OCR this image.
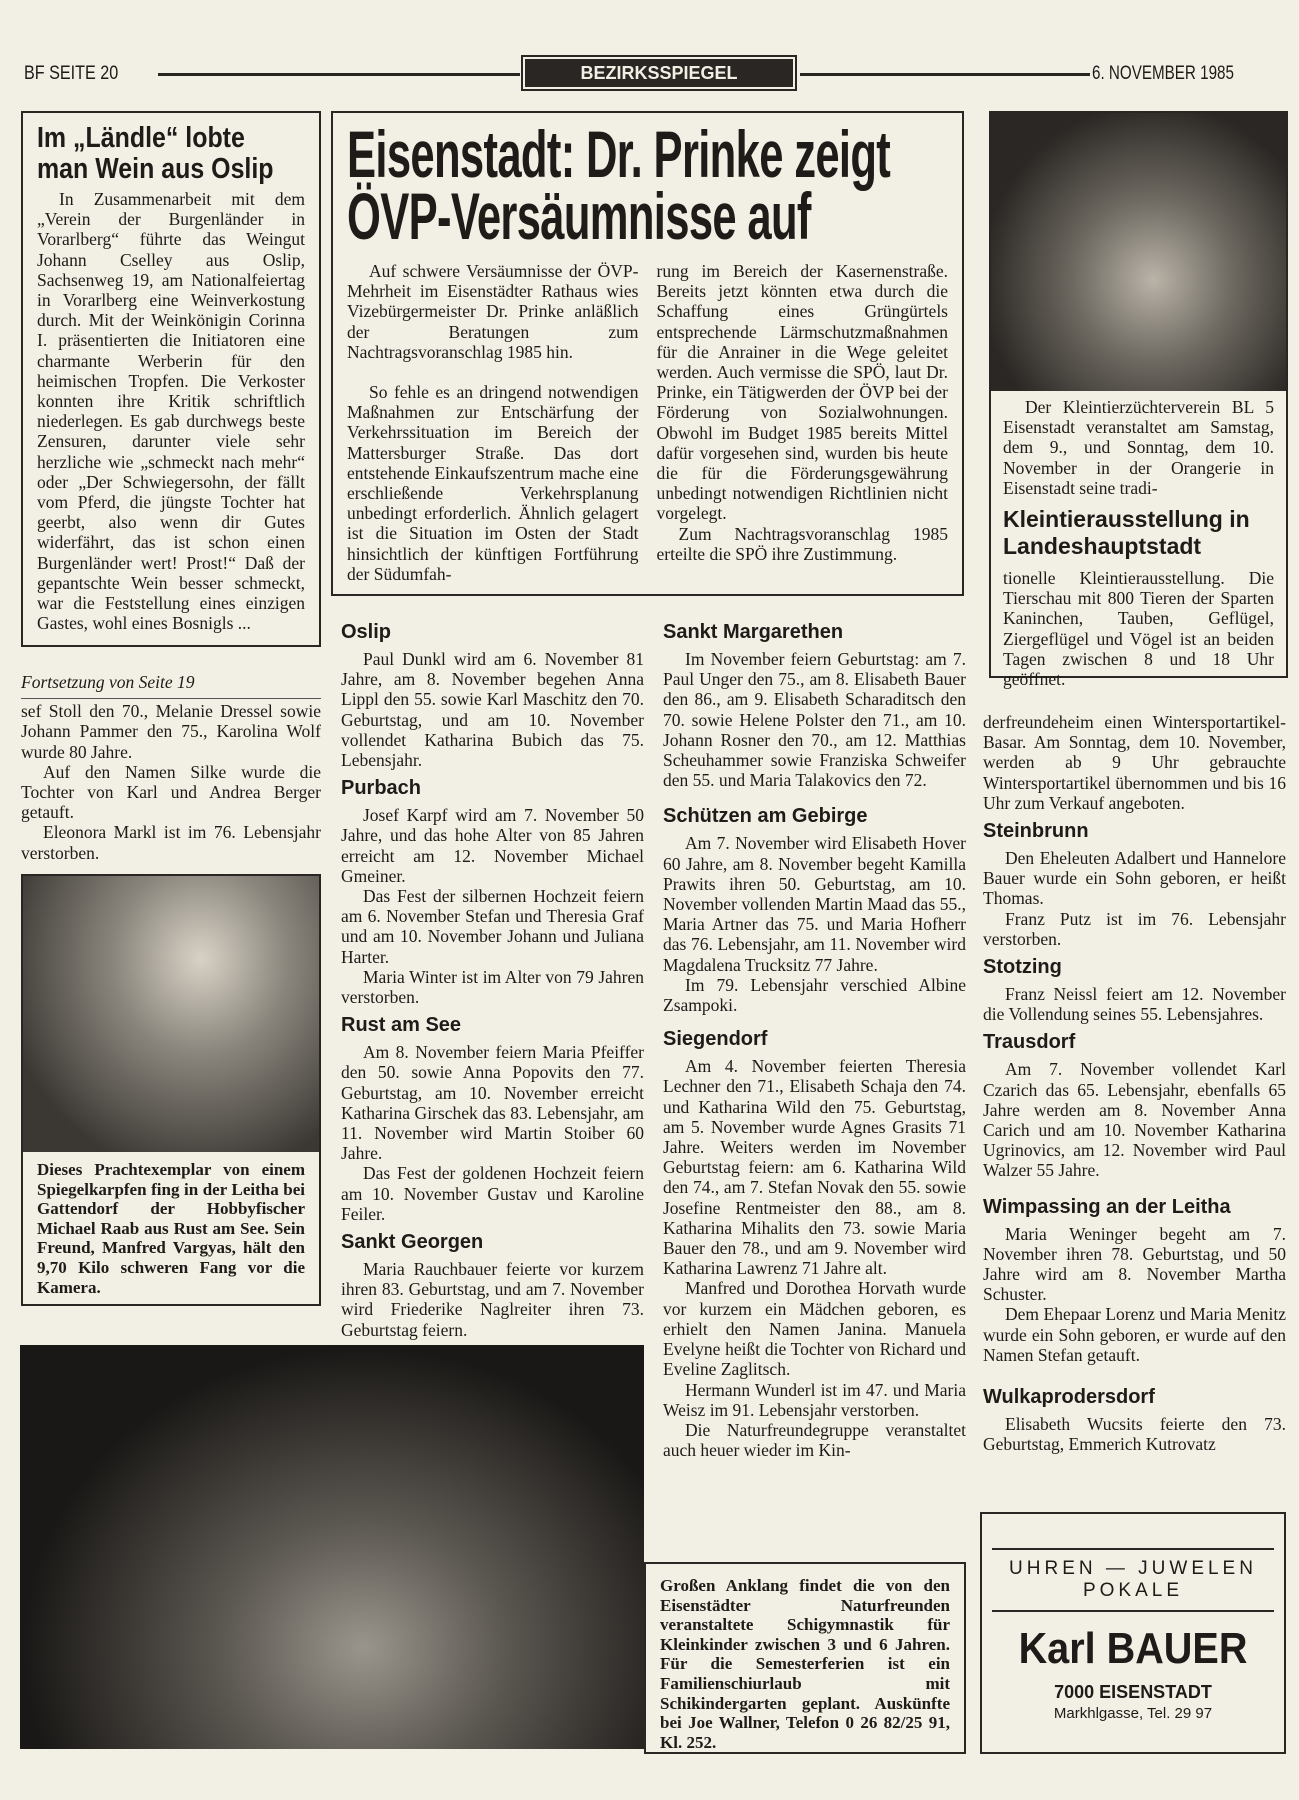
BF SEITE 20	BEZIRKSSPIEGEL	6. NOVEMBER 1985
Im „Ländle“ lobte man Wein aus Oslip

In Zusammenarbeit mit dem „Verein der Burgenländer in Vorarlberg“ führte das Weingut Johann Cselley aus Oslip, Sachsenweg 19, am Nationalfeiertag in Vorarlberg eine Weinverkostung durch. Mit der Weinkönigin Corinna I. präsentierten die Initiatoren eine charmante Werberin für den heimischen Tropfen. Die Verkoster konnten ihre Kritik schriftlich niederlegen. Es gab durchwegs beste Zensuren, darunter viele sehr herzliche wie „schmeckt nach mehr“ oder „Der Schwiegersohn, der fällt vom Pferd, die jüngste Tochter hat geerbt, also wenn dir Gutes widerfährt, das ist schon einen Burgenländer wert! Prost!“ Daß der gepantschte Wein besser schmeckt, war die Feststellung eines einzigen Gastes, wohl eines Bosnigls ...

Fortsetzung von Seite 19

sef Stoll den 70., Melanie Dressel sowie Johann Pammer den 75., Karolina Wolf wurde 80 Jahre.

Auf den Namen Silke wurde die Tochter von Karl und Andrea Berger getauft.

Eleonora Markl ist im 76. Lebensjahr verstorben.

Dieses Prachtexemplar von einem Spiegelkarpfen fing in der Leitha bei Gattendorf der Hobbyfischer Michael Raab aus Rust am See. Sein Freund, Manfred Vargyas, hält den 9,70 Kilo schweren Fang vor die Kamera.
Eisenstadt: Dr. Prinke zeigt
ÖVP-Versäumnisse auf

Auf schwere Versäumnisse der ÖVP-Mehrheit im Eisenstädter Rathaus wies Vizebürgermeister Dr. Prinke anläßlich der Beratungen zum Nachtragsvoranschlag 1985 hin.

So fehle es an dringend notwendigen Maßnahmen zur Entschärfung der Verkehrssituation im Bereich der Mattersburger Straße. Das dort entstehende Einkaufszentrum mache eine erschließende Verkehrsplanung unbedingt erforderlich. Ähnlich gelagert ist die Situation im Osten der Stadt hinsichtlich der künftigen Fortführung der Südumfah-

rung im Bereich der Kasernenstraße. Bereits jetzt könnten etwa durch die Schaffung eines Grüngürtels entsprechende Lärmschutzmaßnahmen für die Anrainer in die Wege geleitet werden. Auch vermisse die SPÖ, laut Dr. Prinke, ein Tätigwerden der ÖVP bei der Förderung von Sozialwohnungen. Obwohl im Budget 1985 bereits Mittel dafür vorgesehen sind, wurden bis heute die für die Förderungsgewährung unbedingt notwendigen Richtlinien nicht vorgelegt.

Zum Nachtragsvoranschlag 1985 erteilte die SPÖ ihre Zustimmung.

Der Kleintierzüchterverein BL 5 Eisenstadt veranstaltet am Samstag, dem 9., und Sonntag, dem 10. November in der Orangerie in Eisenstadt seine tradi-

Kleintierausstellung in Landeshauptstadt

tionelle Kleintierausstellung. Die Tierschau mit 800 Tieren der Sparten Kaninchen, Tauben, Geflügel, Ziergeflügel und Vögel ist an beiden Tagen zwischen 8 und 18 Uhr geöffnet.

Oslip

Paul Dunkl wird am 6. November 81 Jahre, am 8. November begehen Anna Lippl den 55. sowie Karl Maschitz den 70. Geburtstag, und am 10. November vollendet Katharina Bubich das 75. Lebensjahr.

Purbach

Josef Karpf wird am 7. November 50 Jahre, und das hohe Alter von 85 Jahren erreicht am 12. November Michael Gmeiner.

Das Fest der silbernen Hochzeit feiern am 6. November Stefan und Theresia Graf und am 10. November Johann und Juliana Harter.

Maria Winter ist im Alter von 79 Jahren verstorben.

Rust am See

Am 8. November feiern Maria Pfeiffer den 50. sowie Anna Popovits den 77. Geburtstag, am 10. November erreicht Katharina Girschek das 83. Lebensjahr, am 11. November wird Martin Stoiber 60 Jahre.

Das Fest der goldenen Hochzeit feiern am 10. November Gustav und Karoline Feiler.

Sankt Georgen

Maria Rauchbauer feierte vor kurzem ihren 83. Geburtstag, und am 7. November wird Friederike Naglreiter ihren 73. Geburtstag feiern.

Sankt Margarethen

Im November feiern Geburtstag: am 7. Paul Unger den 75., am 8. Elisabeth Bauer den 86., am 9. Elisabeth Scharaditsch den 70. sowie Helene Polster den 71., am 10. Johann Rosner den 70., am 12. Matthias Scheuhammer sowie Franziska Schweifer den 55. und Maria Talakovics den 72.

Schützen am Gebirge

Am 7. November wird Elisabeth Hover 60 Jahre, am 8. November begeht Kamilla Prawits ihren 50. Geburtstag, am 10. November vollenden Martin Maad das 55., Maria Artner das 75. und Maria Hofherr das 76. Lebensjahr, am 11. November wird Magdalena Trucksitz 77 Jahre.

Im 79. Lebensjahr verschied Albine Zsampoki.

Siegendorf

Am 4. November feierten Theresia Lechner den 71., Elisabeth Schaja den 74. und Katharina Wild den 75. Geburtstag, am 5. November wurde Agnes Grasits 71 Jahre. Weiters werden im November Geburtstag feiern: am 6. Katharina Wild den 74., am 7. Stefan Novak den 55. sowie Josefine Rentmeister den 88., am 8. Katharina Mihalits den 73. sowie Maria Bauer den 78., und am 9. November wird Katharina Lawrenz 71 Jahre alt.

Manfred und Dorothea Horvath wurde vor kurzem ein Mädchen geboren, es erhielt den Namen Janina. Manuela Evelyne heißt die Tochter von Richard und Eveline Zaglitsch.

Hermann Wunderl ist im 47. und Maria Weisz im 91. Lebensjahr verstorben.

Die Naturfreundegruppe veranstaltet auch heuer wieder im Kin-

derfreundeheim einen Wintersportartikel-Basar. Am Sonntag, dem 10. November, werden ab 9 Uhr gebrauchte Wintersportartikel übernommen und bis 16 Uhr zum Verkauf angeboten.

Steinbrunn

Den Eheleuten Adalbert und Hannelore Bauer wurde ein Sohn geboren, er heißt Thomas.

Franz Putz ist im 76. Lebensjahr verstorben.

Stotzing

Franz Neissl feiert am 12. November die Vollendung seines 55. Lebensjahres.

Trausdorf

Am 7. November vollendet Karl Czarich das 65. Lebensjahr, ebenfalls 65 Jahre werden am 8. November Anna Carich und am 10. November Katharina Ugrinovics, am 12. November wird Paul Walzer 55 Jahre.

Wimpassing an der Leitha

Maria Weninger begeht am 7. November ihren 78. Geburtstag, und 50 Jahre wird am 8. November Martha Schuster.

Dem Ehepaar Lorenz und Maria Menitz wurde ein Sohn geboren, er wurde auf den Namen Stefan getauft.

Wulkaprodersdorf

Elisabeth Wucsits feierte den 73. Geburtstag, Emmerich Kutrovatz

Großen Anklang findet die von den Eisenstädter Naturfreunden veranstaltete Schigymnastik für Kleinkinder zwischen 3 und 6 Jahren. Für die Semesterferien ist ein Familienschiurlaub mit Schikindergarten geplant. Auskünfte bei Joe Wallner, Telefon 0 26 82/25 91, Kl. 252.
UHREN — JUWELEN
POKALE
Karl BAUER
7000 EISENSTADT
Markhlgasse, Tel. 29 97
